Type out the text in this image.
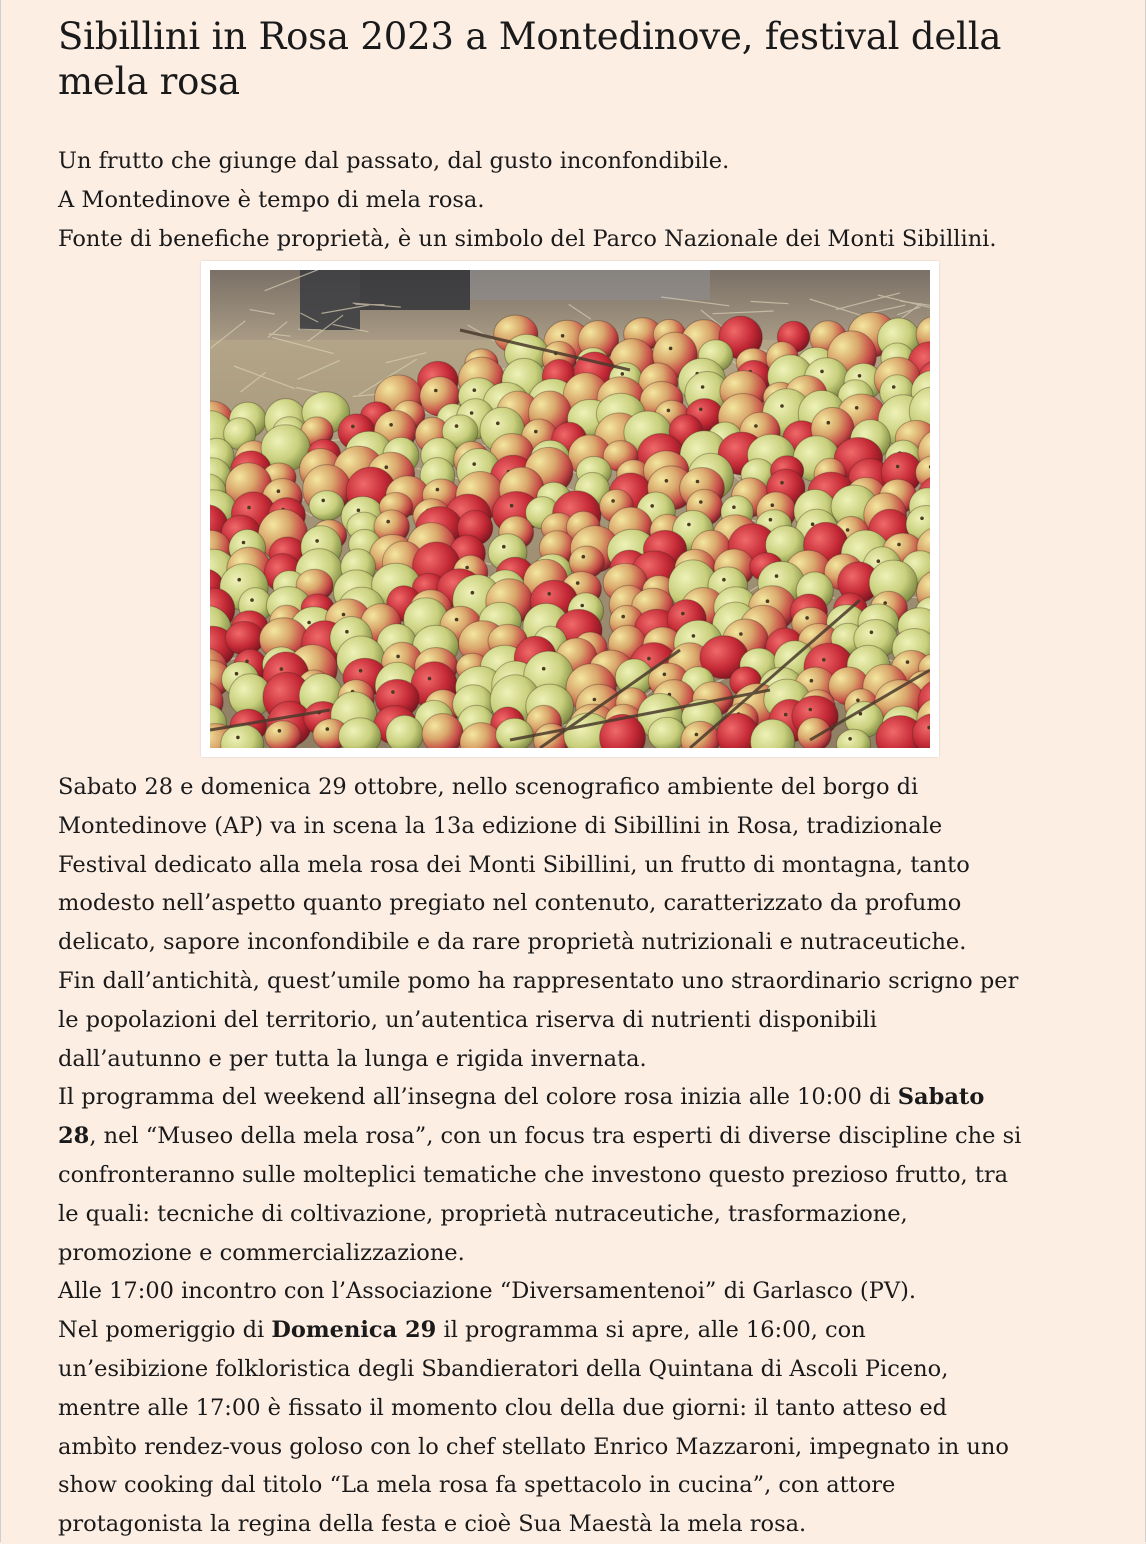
Sibillini in Rosa 2023 a Montedinove, festival della mela rosa
Un frutto che giunge dal passato, dal gusto inconfondibile.
A Montedinove è tempo di mela rosa.
Fonte di benefiche proprietà, è un simbolo del Parco Nazionale dei Monti Sibillini.
Sabato 28 e domenica 29 ottobre, nello scenografico ambiente del borgo di
Montedinove (AP) va in scena la 13a edizione di Sibillini in Rosa, tradizionale
Festival dedicato alla mela rosa dei Monti Sibillini, un frutto di montagna, tanto
modesto nell’aspetto quanto pregiato nel contenuto, caratterizzato da profumo
delicato, sapore inconfondibile e da rare proprietà nutrizionali e nutraceutiche.
Fin dall’antichità, quest’umile pomo ha rappresentato uno straordinario scrigno per
le popolazioni del territorio, un’autentica riserva di nutrienti disponibili
dall’autunno e per tutta la lunga e rigida invernata.
Il programma del weekend all’insegna del colore rosa inizia alle 10:00 di Sabato
28, nel “Museo della mela rosa”, con un focus tra esperti di diverse discipline che si
confronteranno sulle molteplici tematiche che investono questo prezioso frutto, tra
le quali: tecniche di coltivazione, proprietà nutraceutiche, trasformazione,
promozione e commercializzazione.
Alle 17:00 incontro con l’Associazione “Diversamentenoi” di Garlasco (PV).
Nel pomeriggio di Domenica 29 il programma si apre, alle 16:00, con
un’esibizione folkloristica degli Sbandieratori della Quintana di Ascoli Piceno,
mentre alle 17:00 è fissato il momento clou della due giorni: il tanto atteso ed
ambìto rendez-vous goloso con lo chef stellato Enrico Mazzaroni, impegnato in uno
show cooking dal titolo “La mela rosa fa spettacolo in cucina”, con attore
protagonista la regina della festa e cioè Sua Maestà la mela rosa.
